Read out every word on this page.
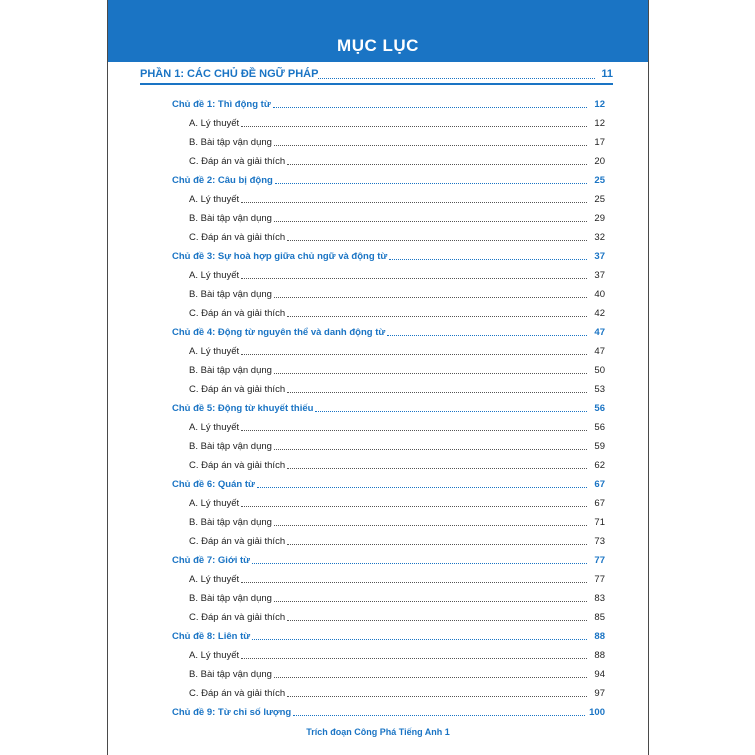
MỤC LỤC
PHẦN 1: CÁC CHỦ ĐỀ NGỮ PHÁP	11
Chủ đề 1: Thì động từ	12
A. Lý thuyết	12
B. Bài tập vận dụng	17
C. Đáp án và giải thích	20
Chủ đề 2: Câu bị động	25
A. Lý thuyết	25
B. Bài tập vận dụng	29
C. Đáp án và giải thích	32
Chủ đề 3: Sự hoà hợp giữa chủ ngữ và động từ	37
A. Lý thuyết	37
B. Bài tập vận dụng	40
C. Đáp án và giải thích	42
Chủ đề 4: Động từ nguyên thể và danh động từ	47
A. Lý thuyết	47
B. Bài tập vận dụng	50
C. Đáp án và giải thích	53
Chủ đề 5: Động từ khuyết thiếu	56
A. Lý thuyết	56
B. Bài tập vận dụng	59
C. Đáp án và giải thích	62
Chủ đề 6: Quán từ	67
A. Lý thuyết	67
B. Bài tập vận dụng	71
C. Đáp án và giải thích	73
Chủ đề 7: Giới từ	77
A. Lý thuyết	77
B. Bài tập vận dụng	83
C. Đáp án và giải thích	85
Chủ đề 8: Liên từ	88
A. Lý thuyết	88
B. Bài tập vận dụng	94
C. Đáp án và giải thích	97
Chủ đề 9: Từ chỉ số lượng	100
Trích đoạn Công Phá Tiếng Anh 1
